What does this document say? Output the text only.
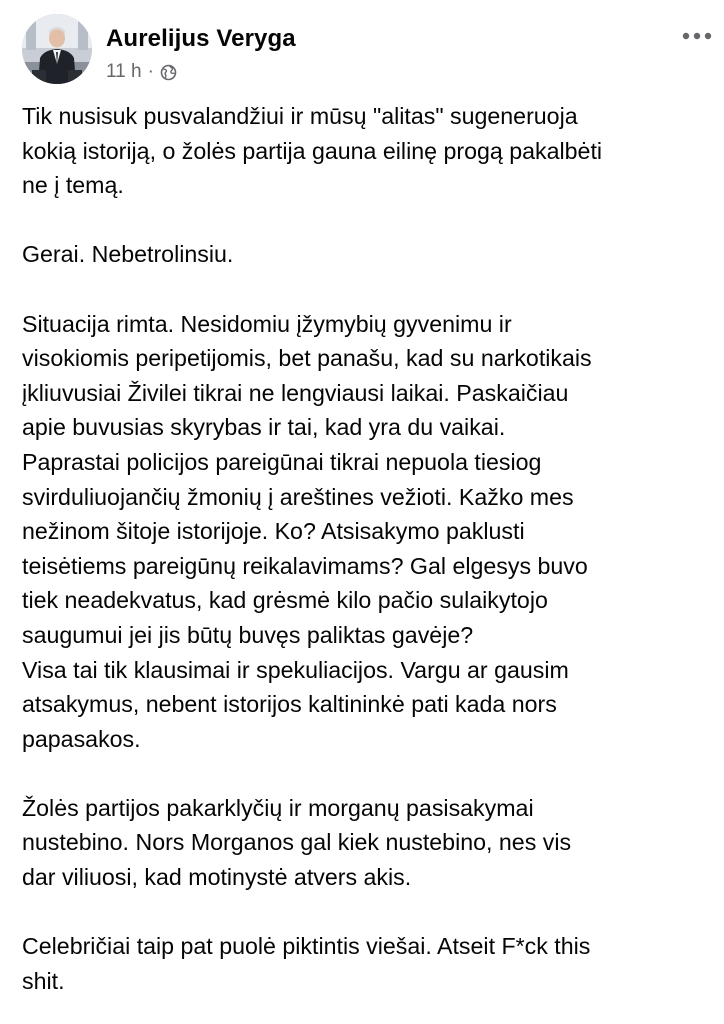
Aurelijus Veryga
11 h ·

Tik nusisuk pusvalandžiui ir mūsų "alitas" sugeneruoja
kokią istoriją, o žolės partija gauna eilinę progą pakalbėti
ne į temą.

Gerai. Nebetrolinsiu.

Situacija rimta. Nesidomiu įžymybių gyvenimu ir
visokiomis peripetijomis, bet panašu, kad su narkotikais
įkliuvusiai Živilei tikrai ne lengviausi laikai. Paskaičiau
apie buvusias skyrybas ir tai, kad yra du vaikai.
Paprastai policijos pareigūnai tikrai nepuola tiesiog
svirduliuojančių žmonių į areštines vežioti. Kažko mes
nežinom šitoje istorijoje. Ko? Atsisakymo paklusti
teisėtiems pareigūnų reikalavimams? Gal elgesys buvo
tiek neadekvatus, kad grėsmė kilo pačio sulaikytojo
saugumui jei jis būtų buvęs paliktas gavėje?
Visa tai tik klausimai ir spekuliacijos. Vargu ar gausim
atsakymus, nebent istorijos kaltininkė pati kada nors
papasakos.

Žolės partijos pakarklyčių ir morganų pasisakymai
nustebino. Nors Morganos gal kiek nustebino, nes vis
dar viliuosi, kad motinystė atvers akis.

Celebričiai taip pat puolė piktintis viešai. Atseit F*ck this
shit.
